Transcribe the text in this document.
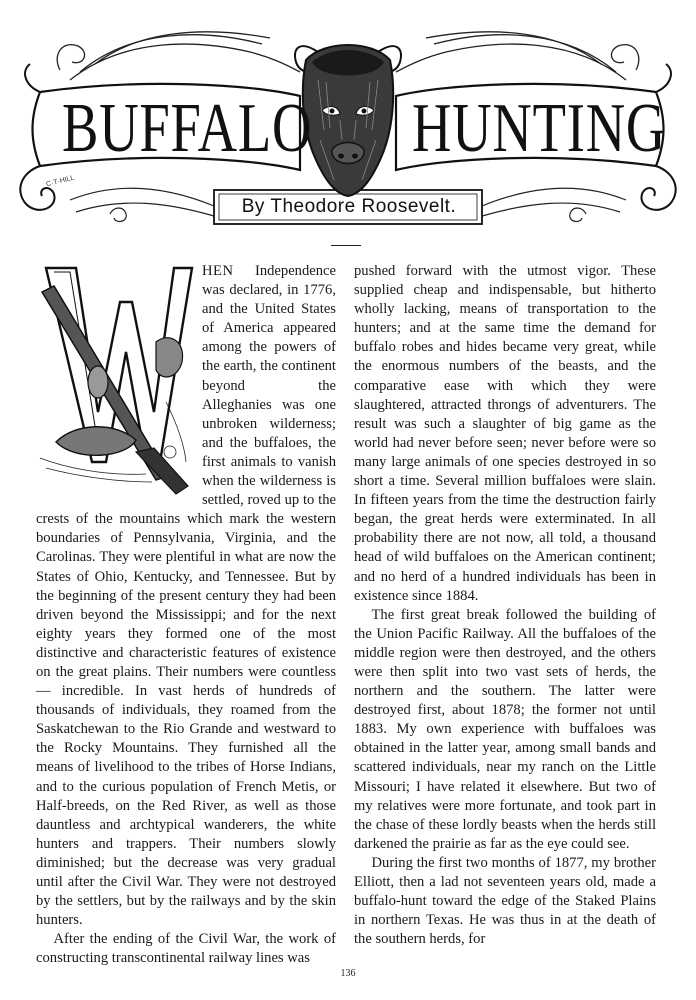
BUFFALO HUNTING
By Theodore Roosevelt.
C·T·HILL

HEN Independence was declared, in 1776, and the United States of America appeared among the powers of the earth, the continent beyond the Alleghanies was one unbroken wilderness; and the buffaloes, the first animals to vanish when the wilderness is settled, roved up to the crests of the mountains which mark the western boundaries of Pennsylvania, Virginia, and the Carolinas. They were plentiful in what are now the States of Ohio, Kentucky, and Tennessee. But by the beginning of the present century they had been driven beyond the Mississippi; and for the next eighty years they formed one of the most distinctive and characteristic features of existence on the great plains. Their numbers were countless — incredible. In vast herds of hundreds of thousands of individuals, they roamed from the Saskatchewan to the Rio Grande and westward to the Rocky Mountains. They furnished all the means of livelihood to the tribes of Horse Indians, and to the curious population of French Metis, or Half-breeds, on the Red River, as well as those dauntless and archtypical wanderers, the white hunters and trappers. Their numbers slowly diminished; but the decrease was very gradual until after the Civil War. They were not destroyed by the settlers, but by the railways and by the skin hunters.

After the ending of the Civil War, the work of constructing transcontinental railway lines was

pushed forward with the utmost vigor. These supplied cheap and indispensable, but hitherto wholly lacking, means of transportation to the hunters; and at the same time the demand for buffalo robes and hides became very great, while the enormous numbers of the beasts, and the comparative ease with which they were slaughtered, attracted throngs of adventurers. The result was such a slaughter of big game as the world had never before seen; never before were so many large animals of one species destroyed in so short a time. Several million buffaloes were slain. In fifteen years from the time the destruction fairly began, the great herds were exterminated. In all probability there are not now, all told, a thousand head of wild buffaloes on the American continent; and no herd of a hundred individuals has been in existence since 1884.

The first great break followed the building of the Union Pacific Railway. All the buffaloes of the middle region were then destroyed, and the others were then split into two vast sets of herds, the northern and the southern. The latter were destroyed first, about 1878; the former not until 1883. My own experience with buffaloes was obtained in the latter year, among small bands and scattered individuals, near my ranch on the Little Missouri; I have related it elsewhere. But two of my relatives were more fortunate, and took part in the chase of these lordly beasts when the herds still darkened the prairie as far as the eye could see.

During the first two months of 1877, my brother Elliott, then a lad not seventeen years old, made a buffalo-hunt toward the edge of the Staked Plains in northern Texas. He was thus in at the death of the southern herds, for

136
